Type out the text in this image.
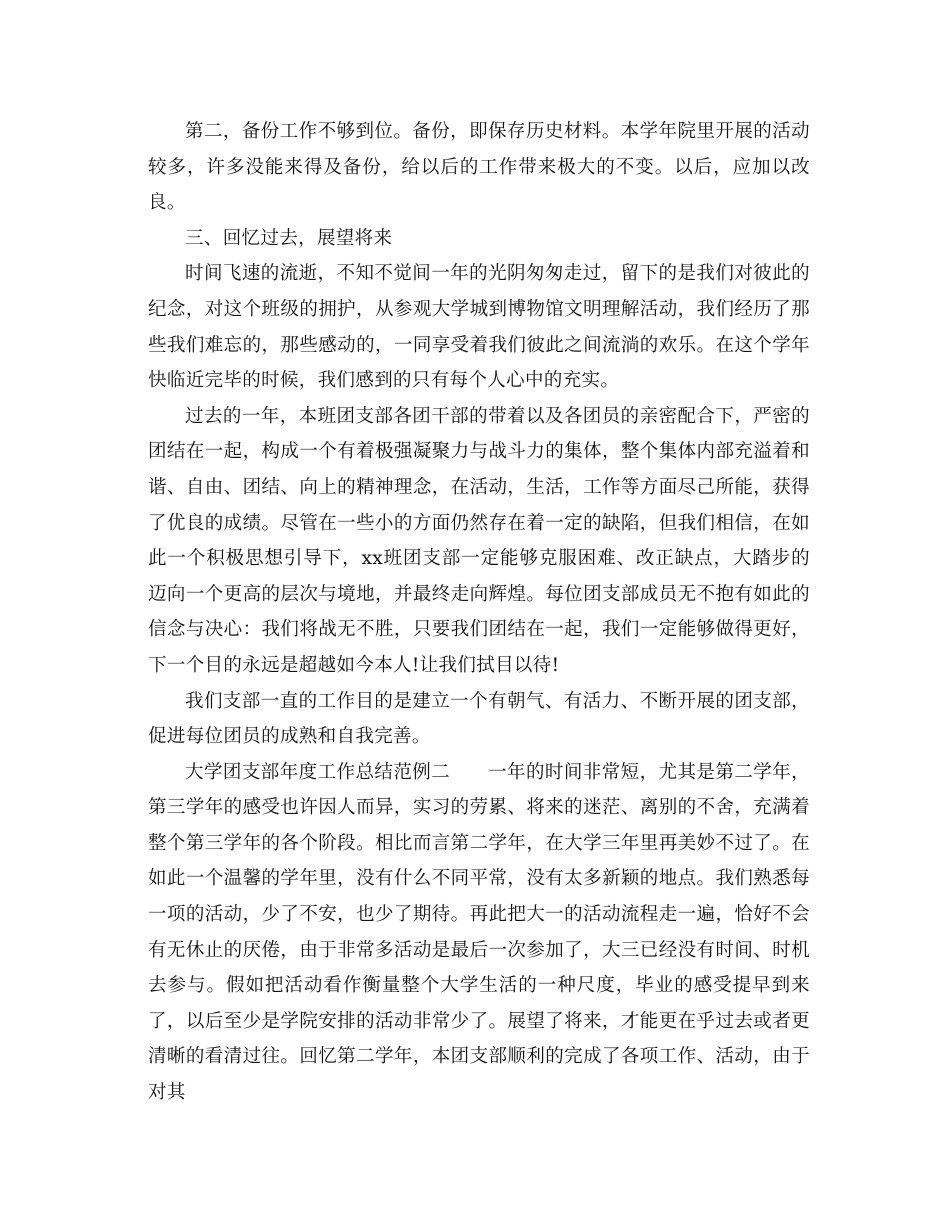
第二，备份工作不够到位。备份，即保存历史材料。本学年院里开展的活动较多，许多没能来得及备份，给以后的工作带来极大的不变。以后，应加以改良。

三、回忆过去，展望将来

时间飞速的流逝，不知不觉间一年的光阴匆匆走过，留下的是我们对彼此的纪念，对这个班级的拥护，从参观大学城到博物馆文明理解活动，我们经历了那些我们难忘的，那些感动的，一同享受着我们彼此之间流淌的欢乐。在这个学年快临近完毕的时候，我们感到的只有每个人心中的充实。

过去的一年，本班团支部各团干部的带着以及各团员的亲密配合下，严密的团结在一起，构成一个有着极强凝聚力与战斗力的集体，整个集体内部充溢着和谐、自由、团结、向上的精神理念，在活动，生活，工作等方面尽己所能，获得了优良的成绩。尽管在一些小的方面仍然存在着一定的缺陷，但我们相信，在如此一个积极思想引导下，xx班团支部一定能够克服困难、改正缺点，大踏步的迈向一个更高的层次与境地，并最终走向辉煌。每位团支部成员无不抱有如此的信念与决心：我们将战无不胜，只要我们团结在一起，我们一定能够做得更好，下一个目的永远是超越如今本人!让我们拭目以待!

我们支部一直的工作目的是建立一个有朝气、有活力、不断开展的团支部，促进每位团员的成熟和自我完善。

大学团支部年度工作总结范例二　　一年的时间非常短，尤其是第二学年，第三学年的感受也许因人而异，实习的劳累、将来的迷茫、离别的不舍，充满着整个第三学年的各个阶段。相比而言第二学年，在大学三年里再美妙不过了。在如此一个温馨的学年里，没有什么不同平常，没有太多新颖的地点。我们熟悉每一项的活动，少了不安，也少了期待。再此把大一的活动流程走一遍，恰好不会有无休止的厌倦，由于非常多活动是最后一次参加了，大三已经没有时间、时机去参与。假如把活动看作衡量整个大学生活的一种尺度，毕业的感受提早到来了，以后至少是学院安排的活动非常少了。展望了将来，才能更在乎过去或者更清晰的看清过往。回忆第二学年，本团支部顺利的完成了各项工作、活动，由于对其
